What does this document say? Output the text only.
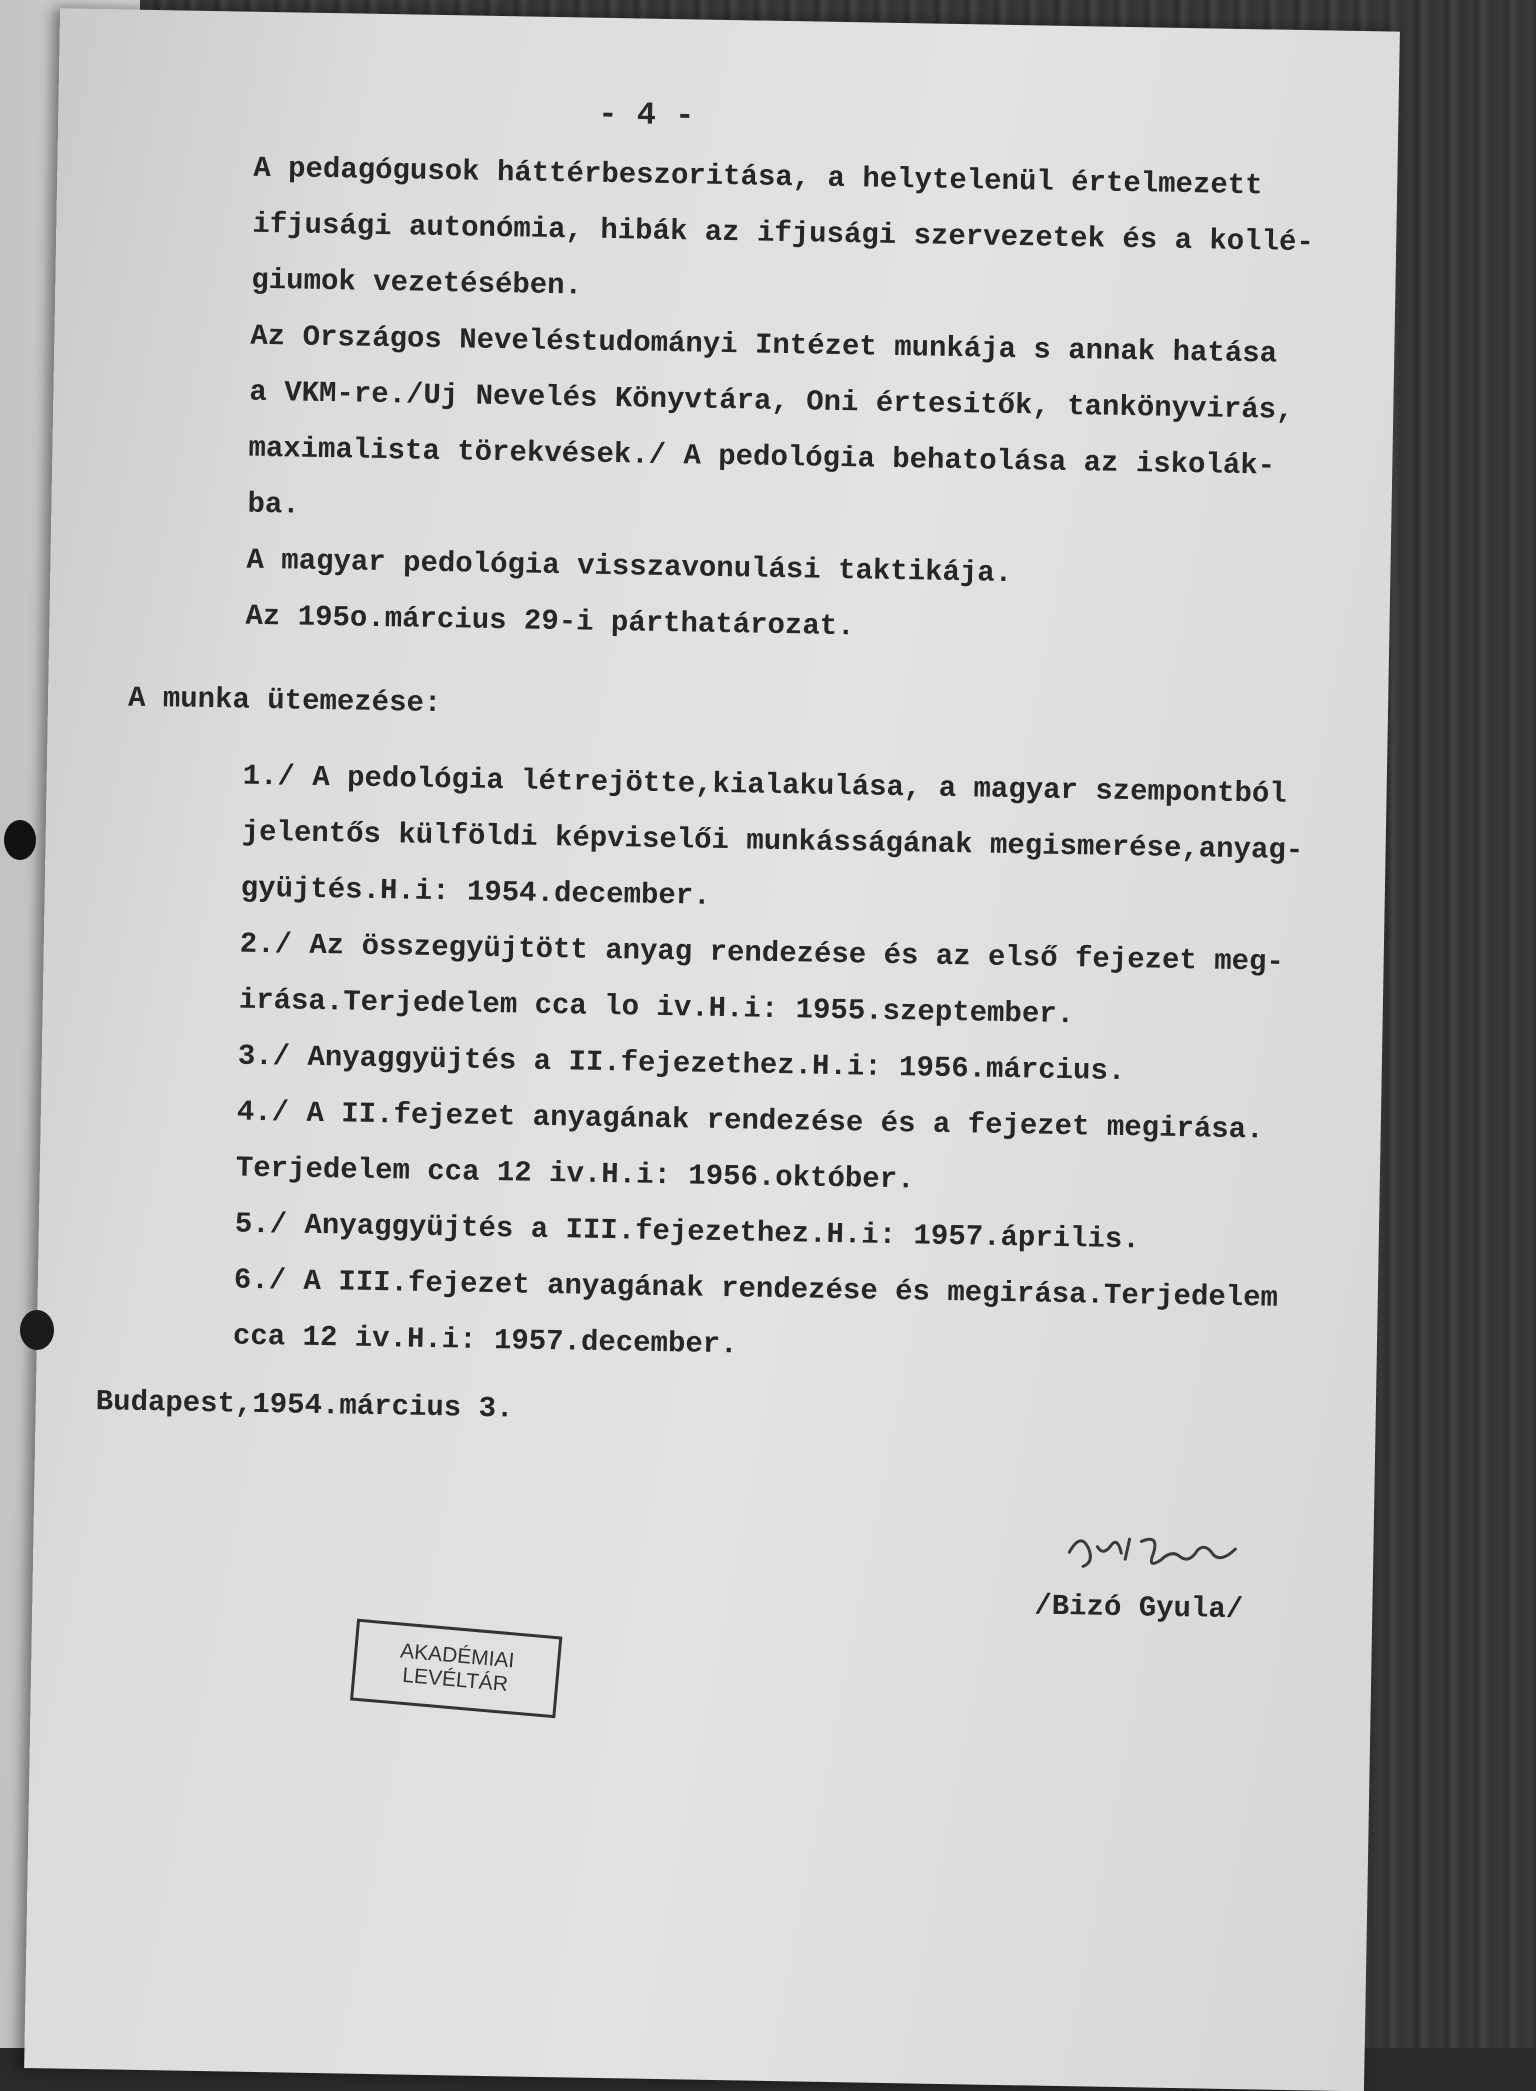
- 4 -
A pedagógusok háttérbeszoritása, a helytelenül értelmezett
ifjusági autonómia, hibák az ifjusági szervezetek és a kollé-
giumok vezetésében.
Az Országos Neveléstudományi Intézet munkája s annak hatása
a VKM-re./Uj Nevelés Könyvtára, Oni értesitők, tankönyvirás,
maximalista törekvések./ A pedológia behatolása az iskolák-
ba.
A magyar pedológia visszavonulási taktikája.
Az 195o.március 29-i párthatározat.
A munka ütemezése:
1./ A pedológia létrejötte,kialakulása, a magyar szempontból
jelentős külföldi képviselői munkásságának megismerése,anyag-
gyüjtés.H.i: 1954.december.
2./ Az összegyüjtött anyag rendezése és az első fejezet meg-
irása.Terjedelem cca lo iv.H.i: 1955.szeptember.
3./ Anyaggyüjtés a II.fejezethez.H.i: 1956.március.
4./ A II.fejezet anyagának rendezése és a fejezet megirása.
Terjedelem cca 12 iv.H.i: 1956.október.
5./ Anyaggyüjtés a III.fejezethez.H.i: 1957.április.
6./ A III.fejezet anyagának rendezése és megirása.Terjedelem
cca 12 iv.H.i: 1957.december.
Budapest,1954.március 3.
/Bizó Gyula/
AKADÉMIAI
LEVÉLTÁR
